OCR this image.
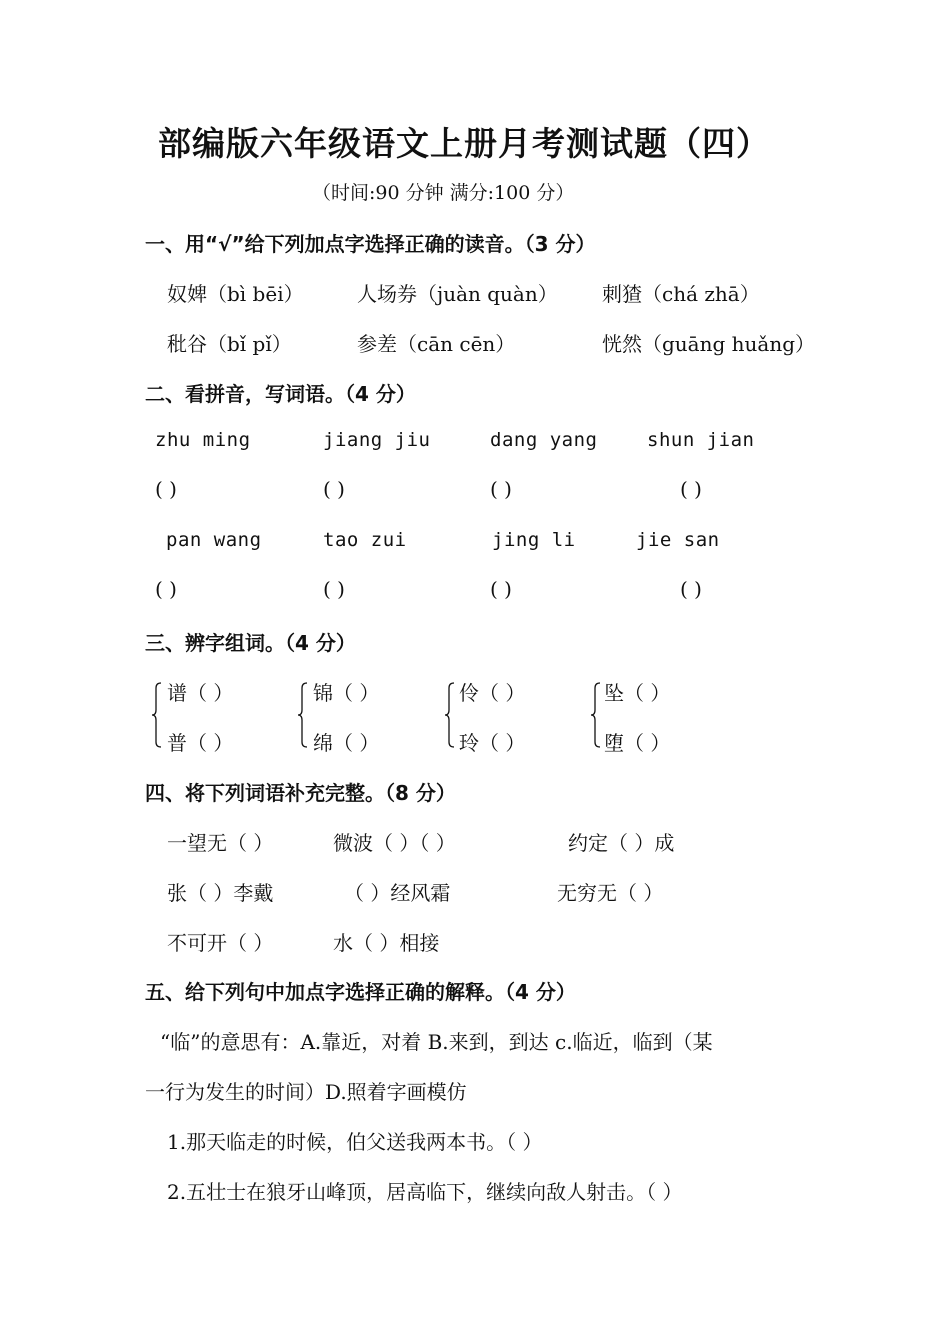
部编版六年级语文上册月考测试题（四）
（时间:90 分钟 满分:100 分）
一、用“√”给下列加点字选择正确的读音。（3 分）
奴婢（bì bēi）	人场券（juàn quàn） 刺猹（chá zhā）
秕谷（bǐ pǐ）	参差（cān cēn）	恍然（guāng huǎng）
二、看拼音，写词语。（4 分）
zhu ming	jiang jiu	dang yang	shun jian
( )	( )	( )	( )
pan wang	tao zui	jing li	jie san
( )	( )	( )	( )
三、辨字组词。（4 分）
谱（ ）
普（ ）
锦（ ）
绵（ ）
伶（ ）
玲（ ）
坠（ ）
堕（ ）
四、将下列词语补充完整。（8 分）
一望无（ ）	微波（ ）（ ）	约定（ ）成
张（ ）李戴	（ ）经风霜	无穷无（ ）
不可开（ ）	水（ ）相接
五、给下列句中加点字选择正确的解释。（4 分）
“临”的意思有：A.靠近，对着 B.来到，到达 c.临近，临到（某
一行为发生的时间）D.照着字画模仿
1.那天临走的时候，伯父送我两本书。（ ）
2.五壮士在狼牙山峰顶，居高临下，继续向敌人射击。（ ）
